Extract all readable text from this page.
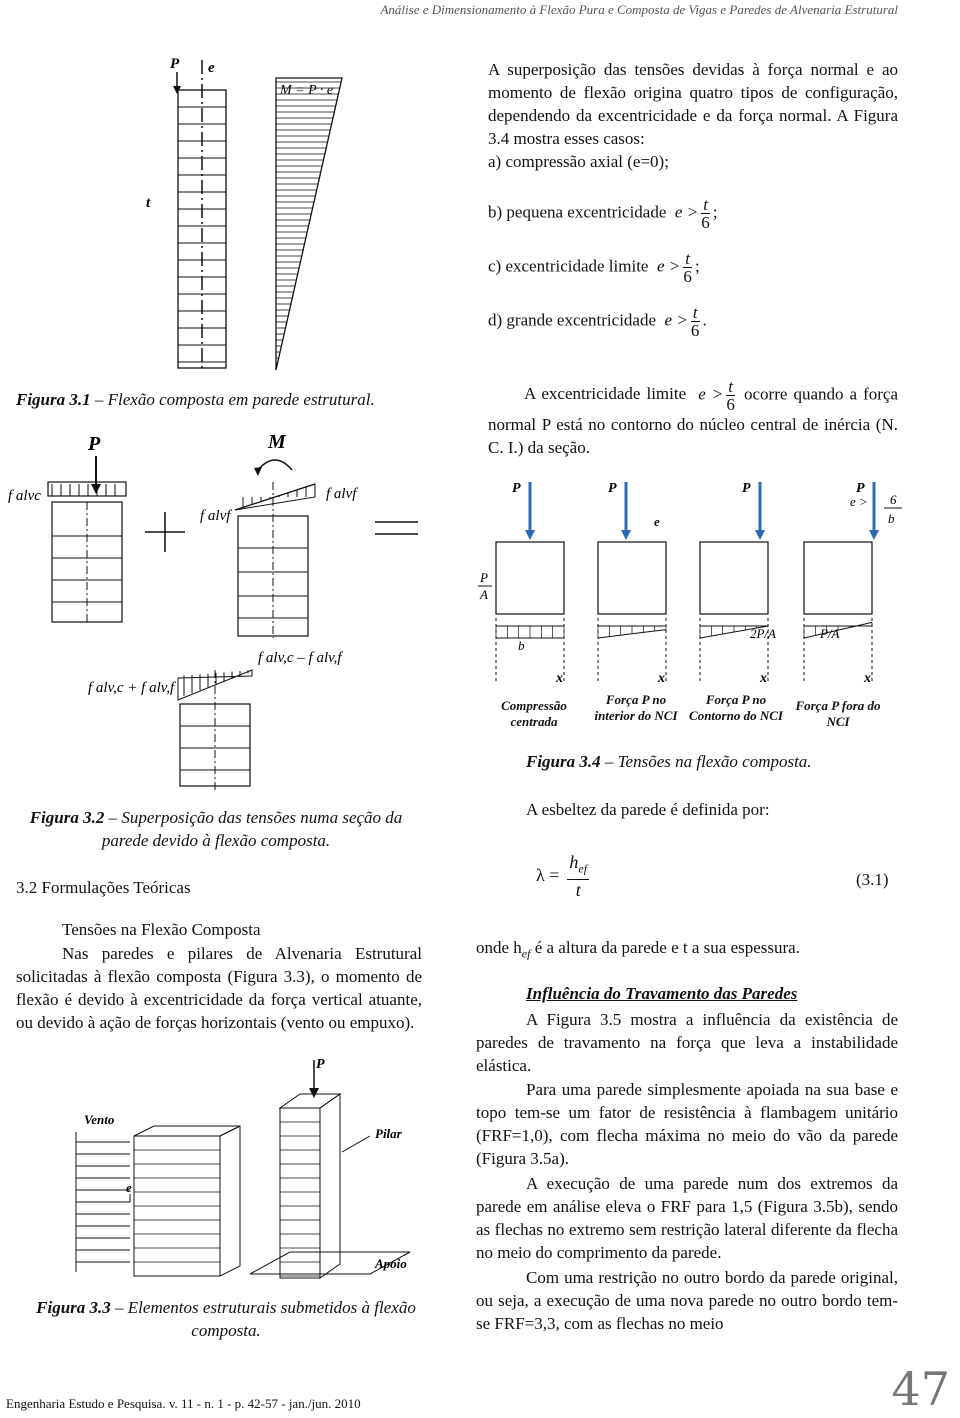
Análise e Dimensionamento à Flexão Pura e Composta de Vigas e Paredes de Alvenaria Estrutural
P e
t
M = P · e
Figura 3.1 – Flexão composta em parede estrutural.
A superposição das tensões devidas à força normal e ao momento de flexão origina quatro tipos de configuração, dependendo da excentricidade e da força normal. A Figura 3.4 mostra esses casos:
a) compressão axial (e=0);
b) pequena excentricidade $e > \frac{t}{6}$ ;
c) excentricidade limite $e > \frac{t}{6}$ ;
d) grande excentricidade $e > \frac{t}{6}$ .
A excentricidade limite $e > \frac{t}{6}$ ocorre quando a força normal P está no contorno do núcleo central de inércia (N. C. I.) da seção.
P	M
f alvc
f alvf
f alvf
f alv,c + f alv,f
f alv,c – f alv,f
Figura 3.2 – Superposição das tensões numa seção da parede devido à flexão composta.
P
x
P
x
P
x
P
x
P
A
2P/A	P/A
e > 6
b
e
b
Compressão centrada
Força P no interior do NCI
Força P no Contorno do NCI
Força P fora do NCI
Figura 3.4 – Tensões na flexão composta.
A esbeltez da parede é definida por:
$\lambda = \frac{h_{ef}}{t}$	(3.1)
onde $h_{ef}$ é a altura da parede e t a sua espessura.
Influência do Travamento das Paredes
A Figura 3.5 mostra a influência da existência de paredes de travamento na força que leva a instabilidade elástica.
Para uma parede simplesmente apoiada na sua base e topo tem-se um fator de resistência à flambagem unitário (FRF=1,0), com flecha máxima no meio do vão da parede (Figura 3.5a).
A execução de uma parede num dos extremos da parede em análise eleva o FRF para 1,5 (Figura 3.5b), sendo as flechas no extremo sem restrição lateral diferente da flecha no meio do comprimento da parede.
Com uma restrição no outro bordo da parede original, ou seja, a execução de uma nova parede no outro bordo tem-se FRF=3,3, com as flechas no meio
3.2 Formulações Teóricas
Tensões na Flexão Composta
Nas paredes e pilares de Alvenaria Estrutural solicitadas à flexão composta (Figura 3.3), o momento de flexão é devido à excentricidade da força vertical atuante, ou devido à ação de forças horizontais (vento ou empuxo).
Vento
e
P
Pilar
Apoio
Figura 3.3 – Elementos estruturais submetidos à flexão composta.
Engenharia Estudo e Pesquisa. v. 11 - n. 1 - p. 42-57 - jan./jun. 2010	47
